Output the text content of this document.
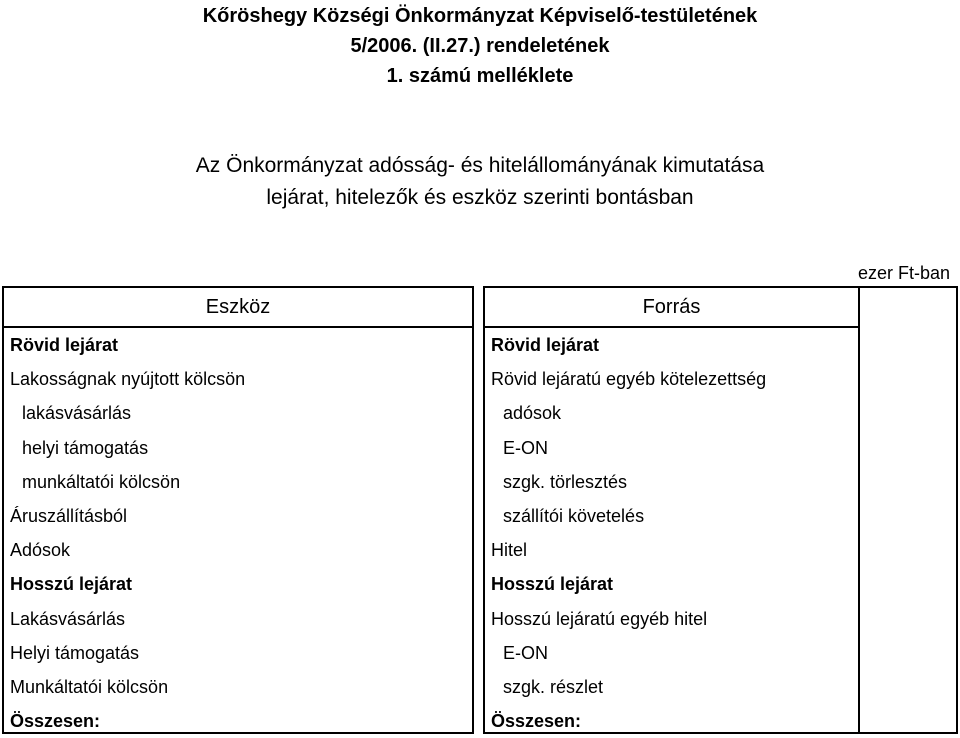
Kőröshegy Községi Önkormányzat Képviselő-testületének
5/2006. (II.27.) rendeletének
1. számú melléklete
Az Önkormányzat adósság- és hitelállományának kimutatása
lejárat, hitelezők és eszköz szerinti bontásban
ezer Ft-ban
Eszköz
Rövid lejárat
Lakosságnak nyújtott kölcsön
lakásvásárlás
helyi támogatás
munkáltatói kölcsön
Áruszállításból
Adósok
Hosszú lejárat
Lakásvásárlás
Helyi támogatás
Munkáltatói kölcsön
Összesen:
Forrás
Rövid lejárat
Rövid lejáratú egyéb kötelezettség
adósok
E-ON
szgk. törlesztés
szállítói követelés
Hitel
Hosszú lejárat
Hosszú lejáratú egyéb hitel
E-ON
szgk. részlet
Összesen:
